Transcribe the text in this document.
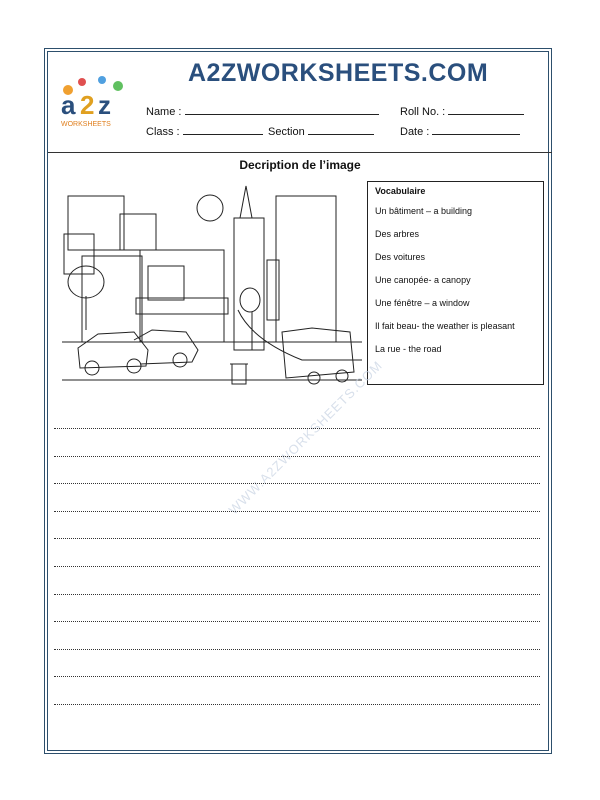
a 2 z
WORKSHEETS
A2ZWORKSHEETS.COM
Name :	Roll No. :
Class :	Section	Date :
Decription de l’image
Vocabulaire
Un bâtiment – a building
Des arbres
Des voitures
Une canopée- a canopy
Une fénêtre – a window
Il fait beau- the weather is pleasant
La rue - the road
WWW.A2ZWORKSHEETS.COM
